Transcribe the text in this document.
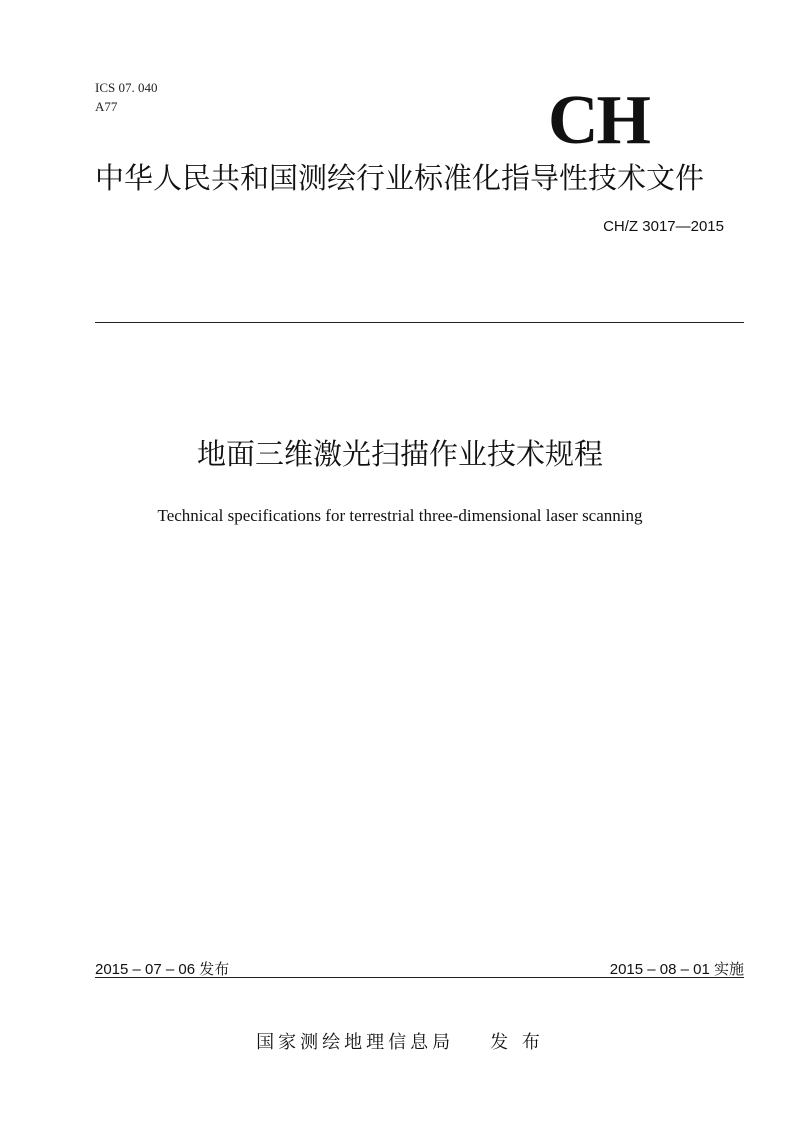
ICS 07. 040
A77	CH
中华人民共和国测绘行业标准化指导性技术文件
CH/Z 3017—2015
地面三维激光扫描作业技术规程
Technical specifications for terrestrial three-dimensional laser scanning
2015 – 07 – 06 发布	2015 – 08 – 01 实施
国家测绘地理信息局 发 布
